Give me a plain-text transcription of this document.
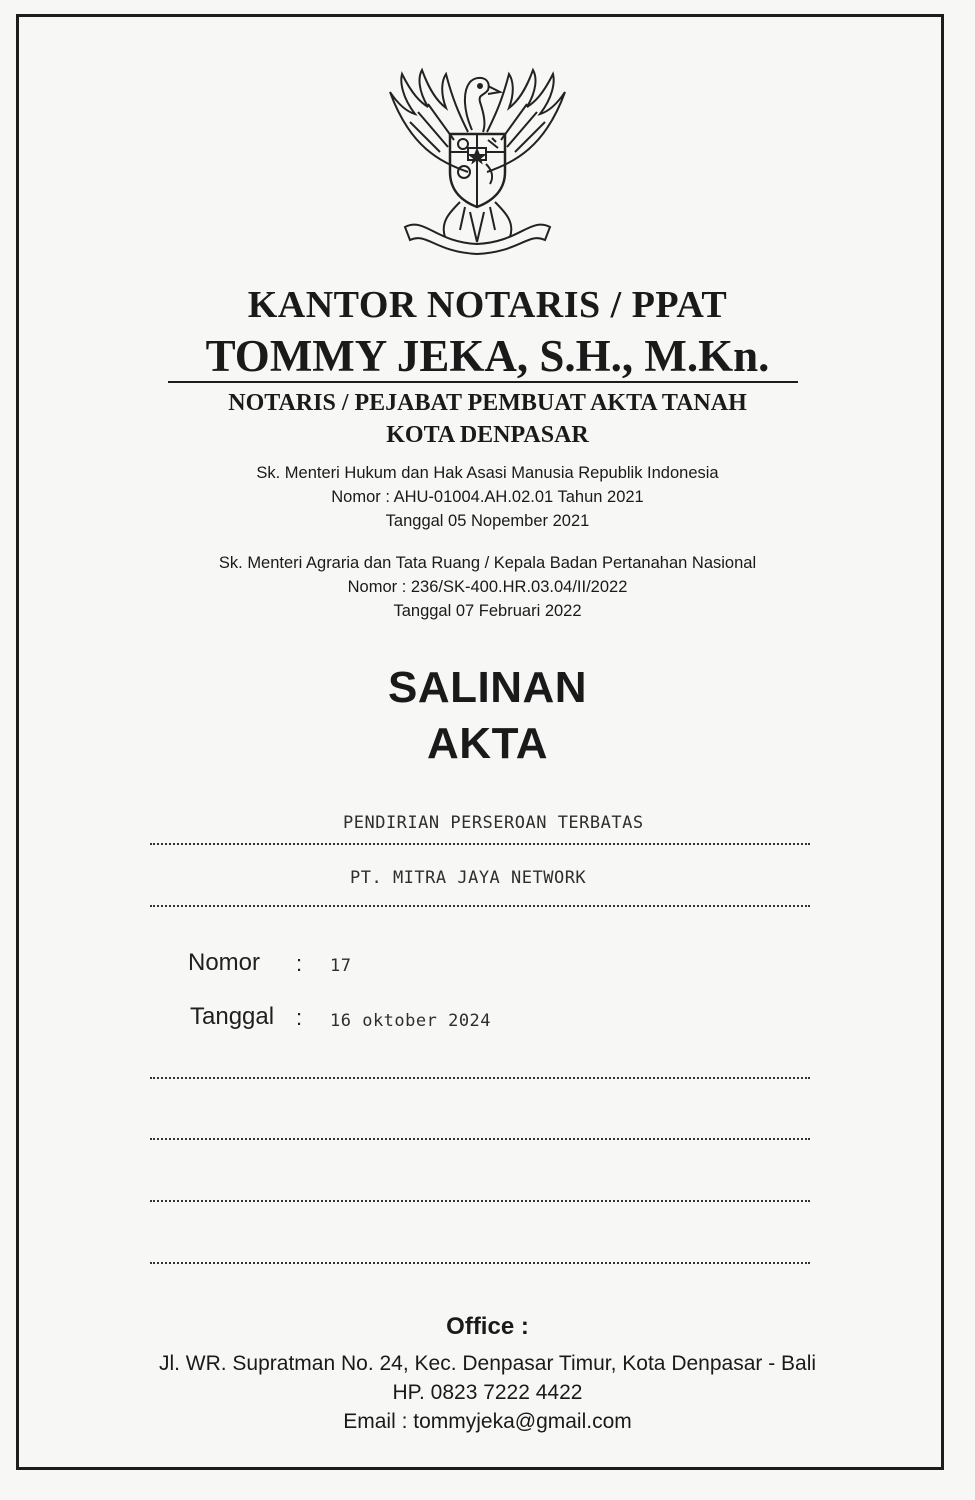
KANTOR NOTARIS / PPAT
TOMMY JEKA, S.H., M.Kn.
NOTARIS / PEJABAT PEMBUAT AKTA TANAH
KOTA DENPASAR
Sk. Menteri Hukum dan Hak Asasi Manusia Republik Indonesia
Nomor : AHU-01004.AH.02.01 Tahun 2021
Tanggal 05 Nopember 2021
Sk. Menteri Agraria dan Tata Ruang / Kepala Badan Pertanahan Nasional
Nomor : 236/SK-400.HR.03.04/II/2022
Tanggal 07 Februari 2022
SALINAN
AKTA
PENDIRIAN PERSEROAN TERBATAS
PT. MITRA JAYA NETWORK
Nomor : 17
Tanggal : 16 oktober 2024
Office :
Jl. WR. Supratman No. 24, Kec. Denpasar Timur, Kota Denpasar - Bali
HP. 0823 7222 4422
Email : tommyjeka@gmail.com
